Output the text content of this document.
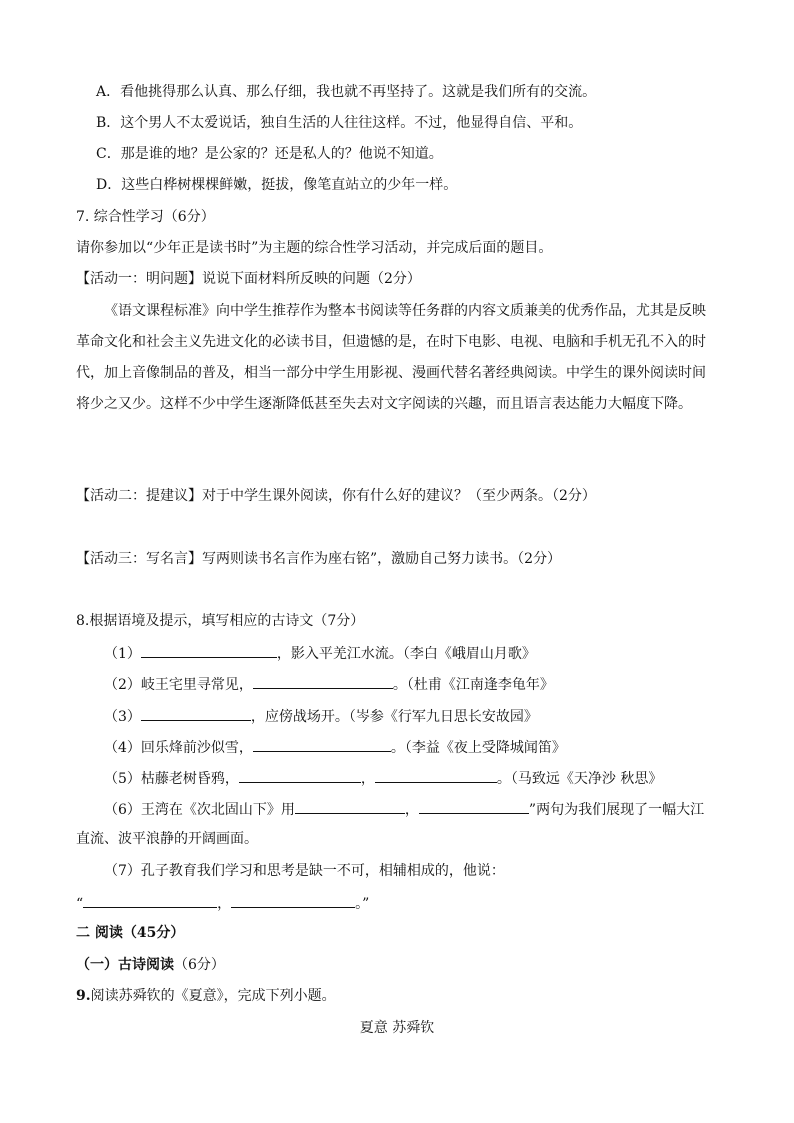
A．看他挑得那么认真、那么仔细，我也就不再坚持了。这就是我们所有的交流。
B．这个男人不太爱说话，独自生活的人往往这样。不过，他显得自信、平和。
C．那是谁的地？是公家的？还是私人的？他说不知道。
D．这些白桦树棵棵鲜嫩，挺拔，像笔直站立的少年一样。
7. 综合性学习（6分）
请你参加以“少年正是读书时”为主题的综合性学习活动，并完成后面的题目。
【活动一：明问题】说说下面材料所反映的问题（2分）
《语文课程标准》向中学生推荐作为整本书阅读等任务群的内容文质兼美的优秀作品，尤其是反映革命文化和社会主义先进文化的必读书目，但遗憾的是，在时下电影、电视、电脑和手机无孔不入的时代，加上音像制品的普及，相当一部分中学生用影视、漫画代替名著经典阅读。中学生的课外阅读时间将少之又少。这样不少中学生逐渐降低甚至失去对文字阅读的兴趣，而且语言表达能力大幅度下降。
【活动二：提建议】对于中学生课外阅读，你有什么好的建议？（至少两条。（2分）
【活动三：写名言】写两则读书名言作为座右铭”，激励自己努力读书。（2分）
8.根据语境及提示，填写相应的古诗文（7分）
（1）	，影入平羌江水流。（李白《峨眉山月歌》
（2）岐王宅里寻常见，	。（杜甫《江南逢李龟年》
（3）	，应傍战场开。（岑参《行军九日思长安故园》
（4）回乐烽前沙似雪，	。（李益《夜上受降城闻笛》
（5）枯藤老树昏鸦，	，	。（马致远《天净沙 秋思》
（6）王湾在《次北固山下》用	，	”两句为我们展现了一幅大江
直流、波平浪静的开阔画面。
（7）孔子教育我们学习和思考是缺一不可，相辅相成的，他说：
“	，	。”
二 阅读（45分）
（一）古诗阅读（6分）
9.阅读苏舜钦的《夏意》，完成下列小题。
夏意 苏舜钦
